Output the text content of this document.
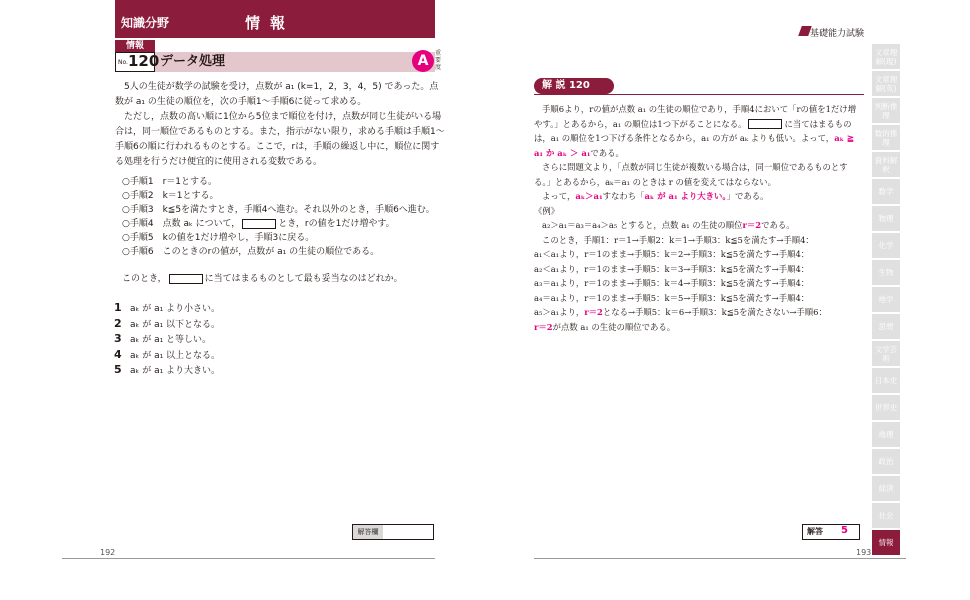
知識分野	情報
情報
No. 120 データ処理	A	重要度

5人の生徒が数学の試験を受け，点数が a₁ (k=1，2，3，4，5) であった。点数が a₁ の生徒の順位を，次の手順1〜手順6に従って求める。

ただし，点数の高い順に1位から5位まで順位を付け，点数が同じ生徒がいる場合は，同一順位であるものとする。また，指示がない限り，求める手順は手順1〜手順6の順に行われるものとする。ここで，rは，手順の繰返し中に，順位に関する処理を行うだけ便宜的に使用される変数である。

○手順1　r＝1とする。
○手順2　k＝1とする。
○手順3　k≦5を満たすとき，手順4へ進む。それ以外のとき，手順6へ進む。
○手順4　点数 aₖ について，	とき，rの値を1だけ増やす。
○手順5　kの値を1だけ増やし，手順3に戻る。
○手順6　このときのrの値が，点数が a₁ の生徒の順位である。
このとき，	に当てはまるものとして最も妥当なのはどれか。
1 aₖ が a₁ より小さい。
2 aₖ が a₁ 以下となる。
3 aₖ が a₁ と等しい。
4 aₖ が a₁ 以上となる。
5 aₖ が a₁ より大きい。
解答欄
192
基礎能力試験
解 説 120

手順6より，rの値が点数 a₁ の生徒の順位であり，手順4において「rの値を1だけ増やす。」とあるから，a₁ の順位は1つ下がることになる。	に当てはまるものは，a₁ の順位を1つ下げる条件となるから，a₁ の方が aₖ よりも低い。よって，aₖ ≧ a₁ か aₖ ＞ a₁である。

さらに問題文より，「点数が同じ生徒が複数いる場合は，同一順位であるものとする。」とあるから，aₖ＝a₁ のときは r の値を変えてはならない。

よって，aₖ＞a₁すなわち「aₖ が a₁ より大きい。」である。

《例》

a₂＞a₁＝a₃＝a₄＞a₅ とすると，点数 a₁ の生徒の順位r＝2である。

このとき，手順1：r＝1→手順2：k＝1→手順3：k≦5を満たす→手順4：

a₁＜a₁より，r＝1のまま→手順5：k＝2→手順3：k≦5を満たす→手順4：

a₂＜a₁より，r＝1のまま→手順5：k＝3→手順3：k≦5を満たす→手順4：

a₃＝a₁より，r＝1のまま→手順5：k＝4→手順3：k≦5を満たす→手順4：

a₄＝a₁より，r＝1のまま→手順5：k＝5→手順3：k≦5を満たす→手順4：

a₅＞a₁より，r＝2となる→手順5：k＝6→手順3：k≦5を満たさない→手順6：

r＝2が点数 a₁ の生徒の順位である。

解答 5
193
文章理解(現)
文章理解(英)
判断推理
数的推理
資料解釈
数学
物理
化学
生物
地学
思想
文学芸術
日本史
世界史
地理
政治
経済
社会
情報
